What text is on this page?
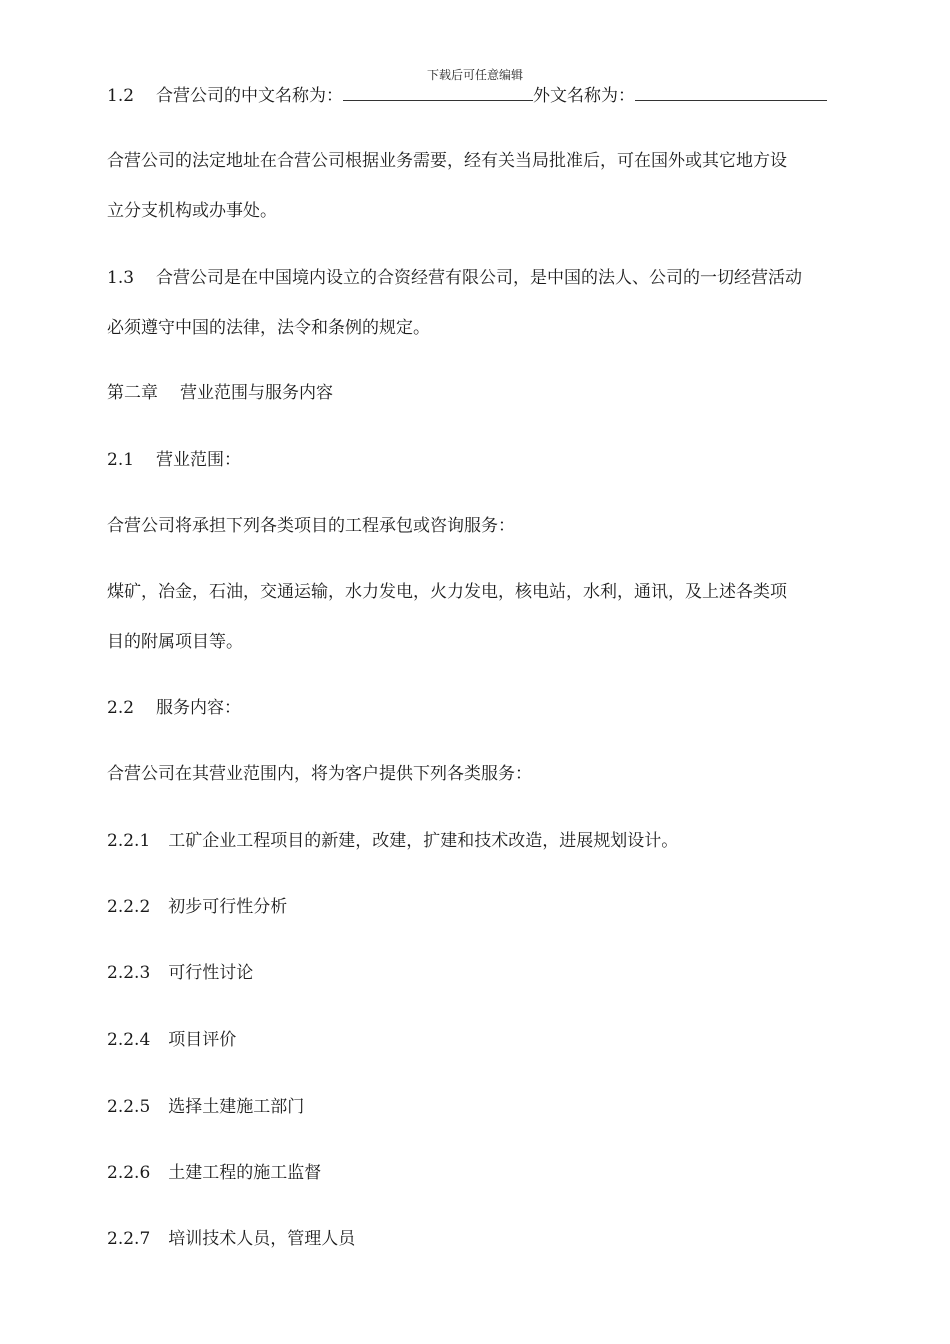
下载后可任意编辑
1.2 合营公司的中文名称为：	外文名称为：
合营公司的法定地址在合营公司根据业务需要，经有关当局批准后，可在国外或其它地方设
立分支机构或办事处。
1.3 合营公司是在中国境内设立的合资经营有限公司，是中国的法人、公司的一切经营活动
必须遵守中国的法律，法令和条例的规定。
第二章 营业范围与服务内容
2.1 营业范围：
合营公司将承担下列各类项目的工程承包或咨询服务：
煤矿，冶金，石油，交通运输，水力发电，火力发电，核电站，水利，通讯，及上述各类项
目的附属项目等。
2.2 服务内容：
合营公司在其营业范围内，将为客户提供下列各类服务：
2.2.1 工矿企业工程项目的新建，改建，扩建和技术改造，进展规划设计。
2.2.2 初步可行性分析
2.2.3 可行性讨论
2.2.4 项目评价
2.2.5 选择土建施工部门
2.2.6 土建工程的施工监督
2.2.7 培训技术人员，管理人员
